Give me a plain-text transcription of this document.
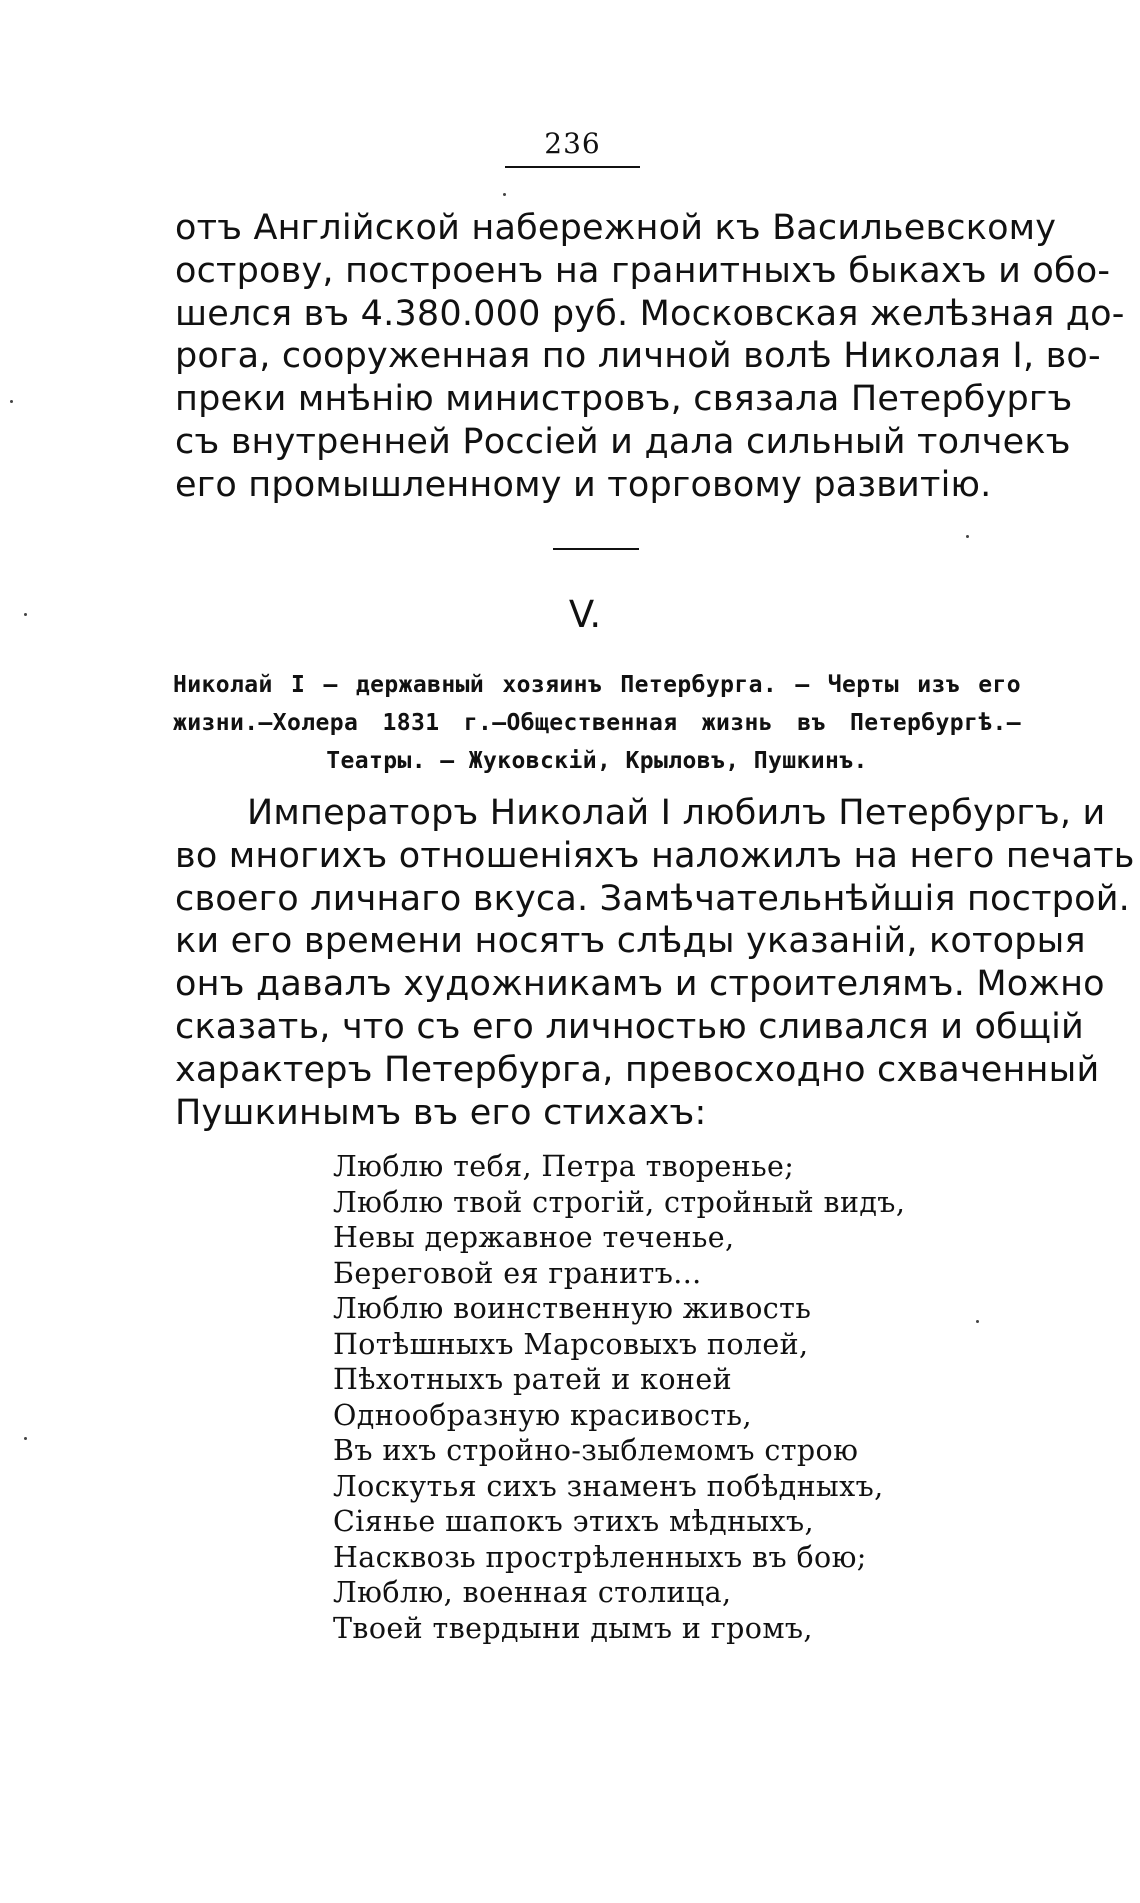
236
отъ Англійской набережной къ Васильевскому
острову, построенъ на гранитныхъ быкахъ и обо-
шелся въ 4.380.000 руб. Московская желѣзная до-
рога, сооруженная по личной волѣ Николая I, во-
преки мнѣнію министровъ, связала Петербургъ
съ внутренней Россіей и дала сильный толчекъ
его промышленному и торговому развитію.
V.
Николай I — державный хозяинъ Петербурга. — Черты изъ его
жизни.—Холера 1831 г.—Общественная жизнь въ Петербургѣ.—
Театры. — Жуковскій, Крыловъ, Пушкинъ.
Императоръ Николай I любилъ Петербургъ, и
во многихъ отношеніяхъ наложилъ на него печать
своего личнаго вкуса. Замѣчательнѣйшія построй.
ки его времени носятъ слѣды указаній, которыя
онъ давалъ художникамъ и строителямъ. Можно
сказать, что съ его личностью сливался и общій
характеръ Петербурга, превосходно схваченный
Пушкинымъ въ его стихахъ:
Люблю тебя, Петра творенье;
Люблю твой строгій, стройный видъ,
Невы державное теченье,
Береговой ея гранитъ...
Люблю воинственную живость
Потѣшныхъ Марсовыхъ полей,
Пѣхотныхъ ратей и коней
Однообразную красивость,
Въ ихъ стройно-зыблемомъ строю
Лоскутья сихъ знаменъ побѣдныхъ,
Сіянье шапокъ этихъ мѣдныхъ,
Насквозь прострѣленныхъ въ бою;
Люблю, военная столица,
Твоей твердыни дымъ и громъ,
